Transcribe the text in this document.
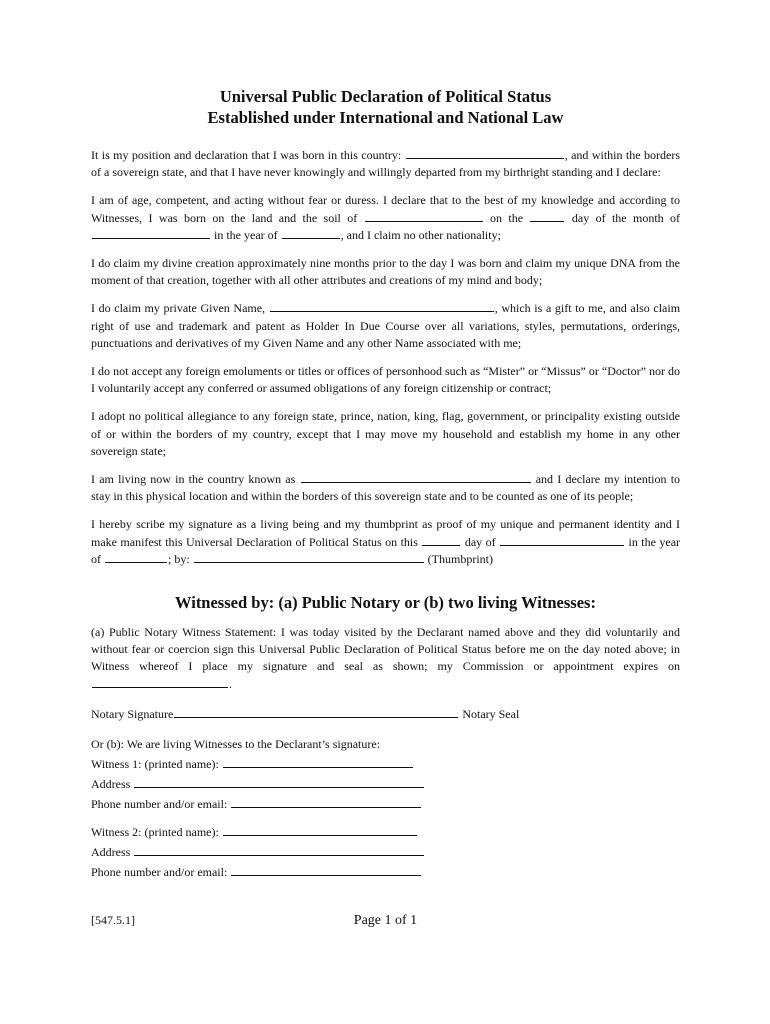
Universal Public Declaration of Political Status
Established under International and National Law

It is my position and declaration that I was born in this country:	, and within the borders of a sovereign state, and that I have never knowingly and willingly departed from my birthright standing and I declare:

I am of age, competent, and acting without fear or duress. I declare that to the best of my knowledge and according to Witnesses, I was born on the land and the soil of	on the	day of the month of  in the year of	, and I claim no other nationality;

I do claim my divine creation approximately nine months prior to the day I was born and claim my unique DNA from the moment of that creation, together with all other attributes and creations of my mind and body;

I do claim my private Given Name,	, which is a gift to me, and also claim right of use and trademark and patent as Holder In Due Course over all variations, styles, permutations, orderings, punctuations and derivatives of my Given Name and any other Name associated with me;

I do not accept any foreign emoluments or titles or offices of personhood such as “Mister” or “Missus” or “Doctor” nor do I voluntarily accept any conferred or assumed obligations of any foreign citizenship or contract;

I adopt no political allegiance to any foreign state, prince, nation, king, flag, government, or principality existing outside of or within the borders of my country, except that I may move my household and establish my home in any other sovereign state;

I am living now in the country known as	and I declare my intention to stay in this physical location and within the borders of this sovereign state and to be counted as one of its people;

I hereby scribe my signature as a living being and my thumbprint as proof of my unique and permanent identity and I make manifest this Universal Declaration of Political Status on this	day of	in the year of	; by:	(Thumbprint)

Witnessed by: (a) Public Notary or (b) two living Witnesses:

(a) Public Notary Witness Statement: I was today visited by the Declarant named above and they did voluntarily and without fear or coercion sign this Universal Public Declaration of Political Status before me on the day noted above; in Witness whereof I place my signature and seal as shown; my Commission or appointment expires on .

Notary Signature	Notary Seal

Or (b): We are living Witnesses to the Declarant’s signature:

Witness 1: (printed name):

Address

Phone number and/or email:

Witness 2: (printed name):

Address

Phone number and/or email:

[547.5.1]	Page 1 of 1
